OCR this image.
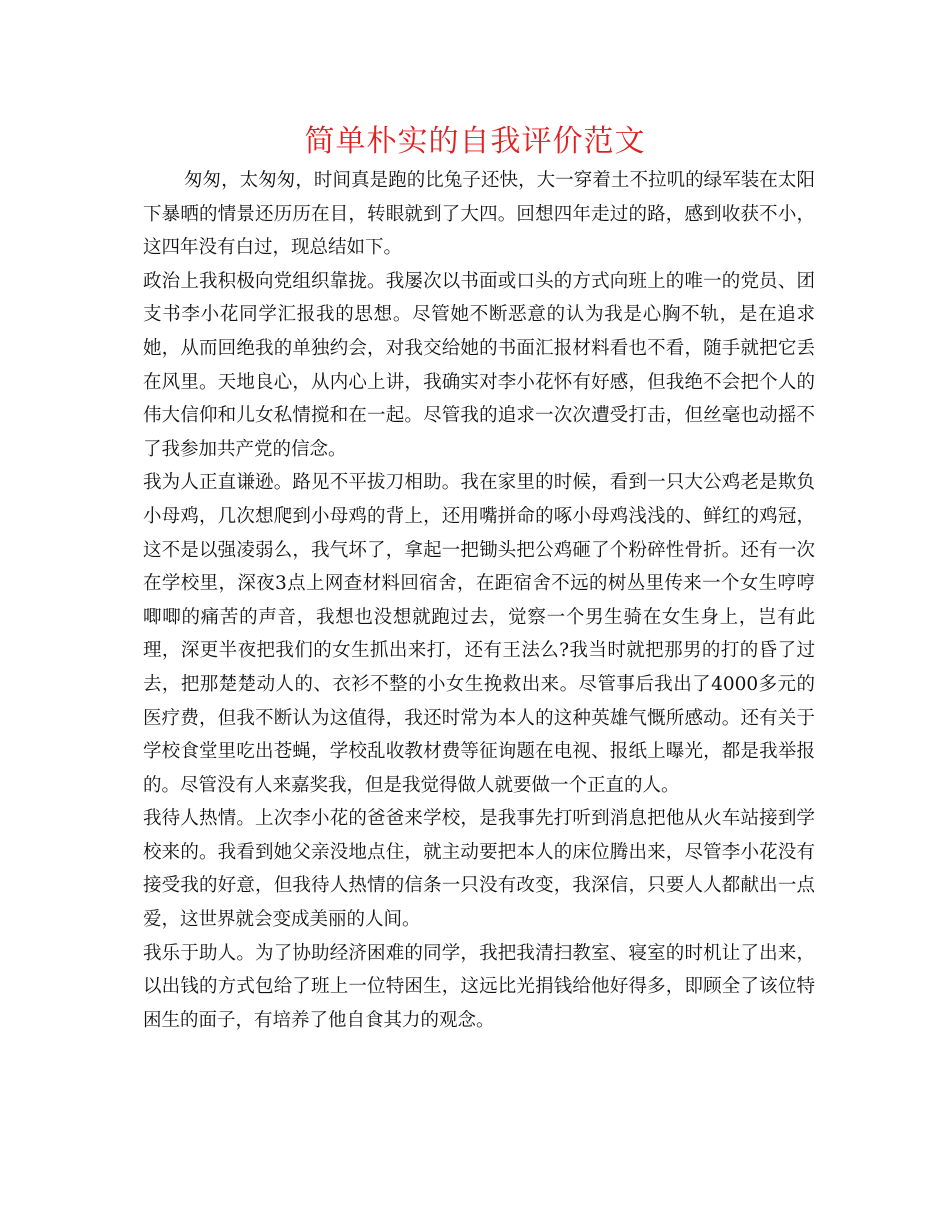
简单朴实的自我评价范文

匆匆，太匆匆，时间真是跑的比兔子还快，大一穿着土不拉叽的绿军装在太阳下暴晒的情景还历历在目，转眼就到了大四。回想四年走过的路，感到收获不小，这四年没有白过，现总结如下。

政治上我积极向党组织靠拢。我屡次以书面或口头的方式向班上的唯一的党员、团支书李小花同学汇报我的思想。尽管她不断恶意的认为我是心胸不轨，是在追求她，从而回绝我的单独约会，对我交给她的书面汇报材料看也不看，随手就把它丢在风里。天地良心，从内心上讲，我确实对李小花怀有好感，但我绝不会把个人的伟大信仰和儿女私情搅和在一起。尽管我的追求一次次遭受打击，但丝毫也动摇不了我参加共产党的信念。

我为人正直谦逊。路见不平拔刀相助。我在家里的时候，看到一只大公鸡老是欺负小母鸡，几次想爬到小母鸡的背上，还用嘴拼命的啄小母鸡浅浅的、鲜红的鸡冠，这不是以强凌弱么，我气坏了，拿起一把锄头把公鸡砸了个粉碎性骨折。还有一次在学校里，深夜3点上网查材料回宿舍，在距宿舍不远的树丛里传来一个女生哼哼唧唧的痛苦的声音，我想也没想就跑过去，觉察一个男生骑在女生身上，岂有此理，深更半夜把我们的女生抓出来打，还有王法么?我当时就把那男的打的昏了过去，把那楚楚动人的、衣衫不整的小女生挽救出来。尽管事后我出了4000多元的医疗费，但我不断认为这值得，我还时常为本人的这种英雄气慨所感动。还有关于学校食堂里吃出苍蝇，学校乱收教材费等征询题在电视、报纸上曝光，都是我举报的。尽管没有人来嘉奖我，但是我觉得做人就要做一个正直的人。

我待人热情。上次李小花的爸爸来学校，是我事先打听到消息把他从火车站接到学校来的。我看到她父亲没地点住，就主动要把本人的床位腾出来，尽管李小花没有接受我的好意，但我待人热情的信条一只没有改变，我深信，只要人人都献出一点爱，这世界就会变成美丽的人间。

我乐于助人。为了协助经济困难的同学，我把我清扫教室、寝室的时机让了出来，以出钱的方式包给了班上一位特困生，这远比光捐钱给他好得多，即顾全了该位特困生的面子，有培养了他自食其力的观念。
